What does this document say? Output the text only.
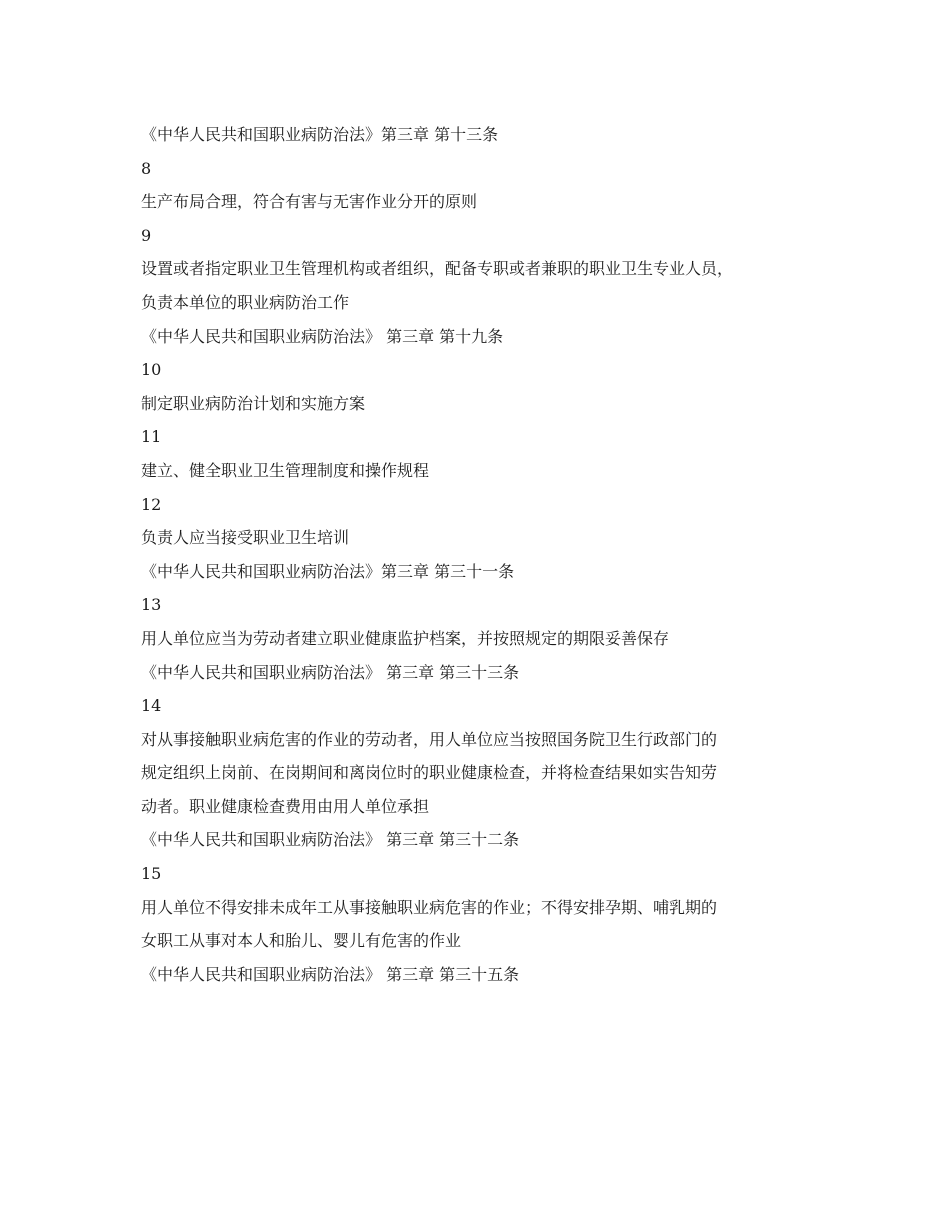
《中华人民共和国职业病防治法》第三章 第十三条
8
生产布局合理，符合有害与无害作业分开的原则
9
设置或者指定职业卫生管理机构或者组织，配备专职或者兼职的职业卫生专业人员，
负责本单位的职业病防治工作
《中华人民共和国职业病防治法》 第三章 第十九条
10
制定职业病防治计划和实施方案
11
建立、健全职业卫生管理制度和操作规程
12
负责人应当接受职业卫生培训
《中华人民共和国职业病防治法》第三章 第三十一条
13
用人单位应当为劳动者建立职业健康监护档案，并按照规定的期限妥善保存
《中华人民共和国职业病防治法》 第三章 第三十三条
14
对从事接触职业病危害的作业的劳动者，用人单位应当按照国务院卫生行政部门的
规定组织上岗前、在岗期间和离岗位时的职业健康检查，并将检查结果如实告知劳
动者。职业健康检查费用由用人单位承担
《中华人民共和国职业病防治法》 第三章 第三十二条
15
用人单位不得安排未成年工从事接触职业病危害的作业；不得安排孕期、哺乳期的
女职工从事对本人和胎儿、婴儿有危害的作业
《中华人民共和国职业病防治法》 第三章 第三十五条
